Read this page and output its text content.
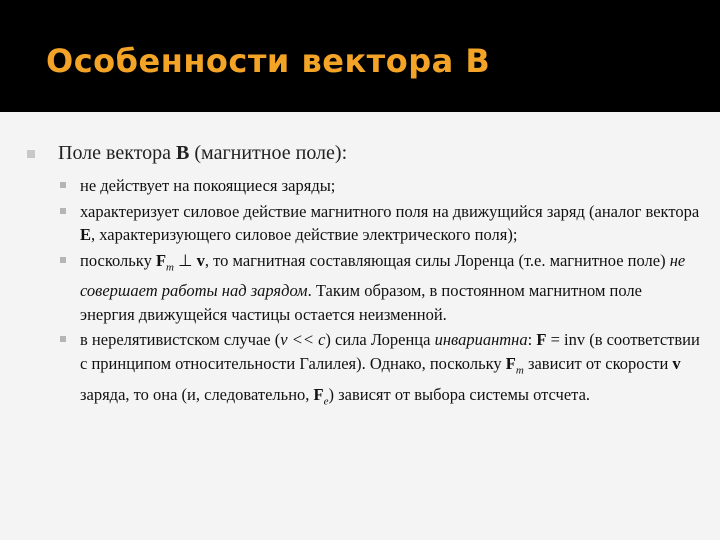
Особенности вектора B
Поле вектора B (магнитное поле):
не действует на покоящиеся заряды;
характеризует силовое действие магнитного поля на движущийся заряд (аналог вектора E, характеризующего силовое действие электрического поля);
поскольку $F_m$ ⊥ v, то магнитная составляющая силы Лоренца (т.е. магнитное поле) не совершает работы над зарядом. Таким образом, в постоянном магнитном поле энергия движущейся частицы остается неизменной.
в нерелятивистском случае (v << c) сила Лоренца инвариантна: F = inv (в соответствии с принципом относительности Галилея). Однако, поскольку $F_m$ зависит от скорости v заряда, то она (и, следовательно, $F_e$) зависят от выбора системы отсчета.
